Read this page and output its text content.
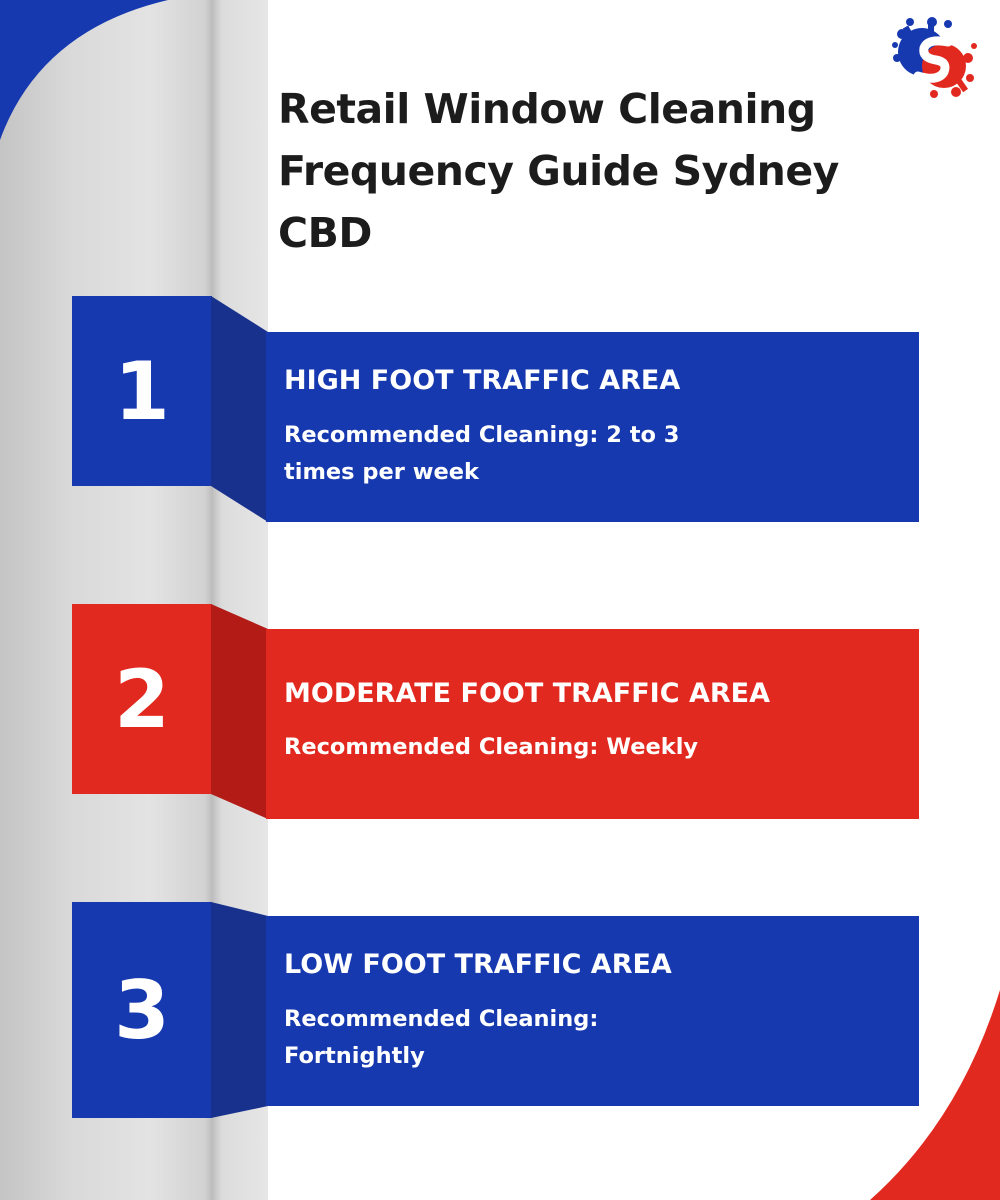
Retail Window Cleaning Frequency Guide Sydney CBD
1	HIGH FOOT TRAFFIC AREA

Recommended Cleaning: 2 to 3
times per week

2	MODERATE FOOT TRAFFIC AREA

Recommended Cleaning: Weekly

3	LOW FOOT TRAFFIC AREA

Recommended Cleaning:
Fortnightly
